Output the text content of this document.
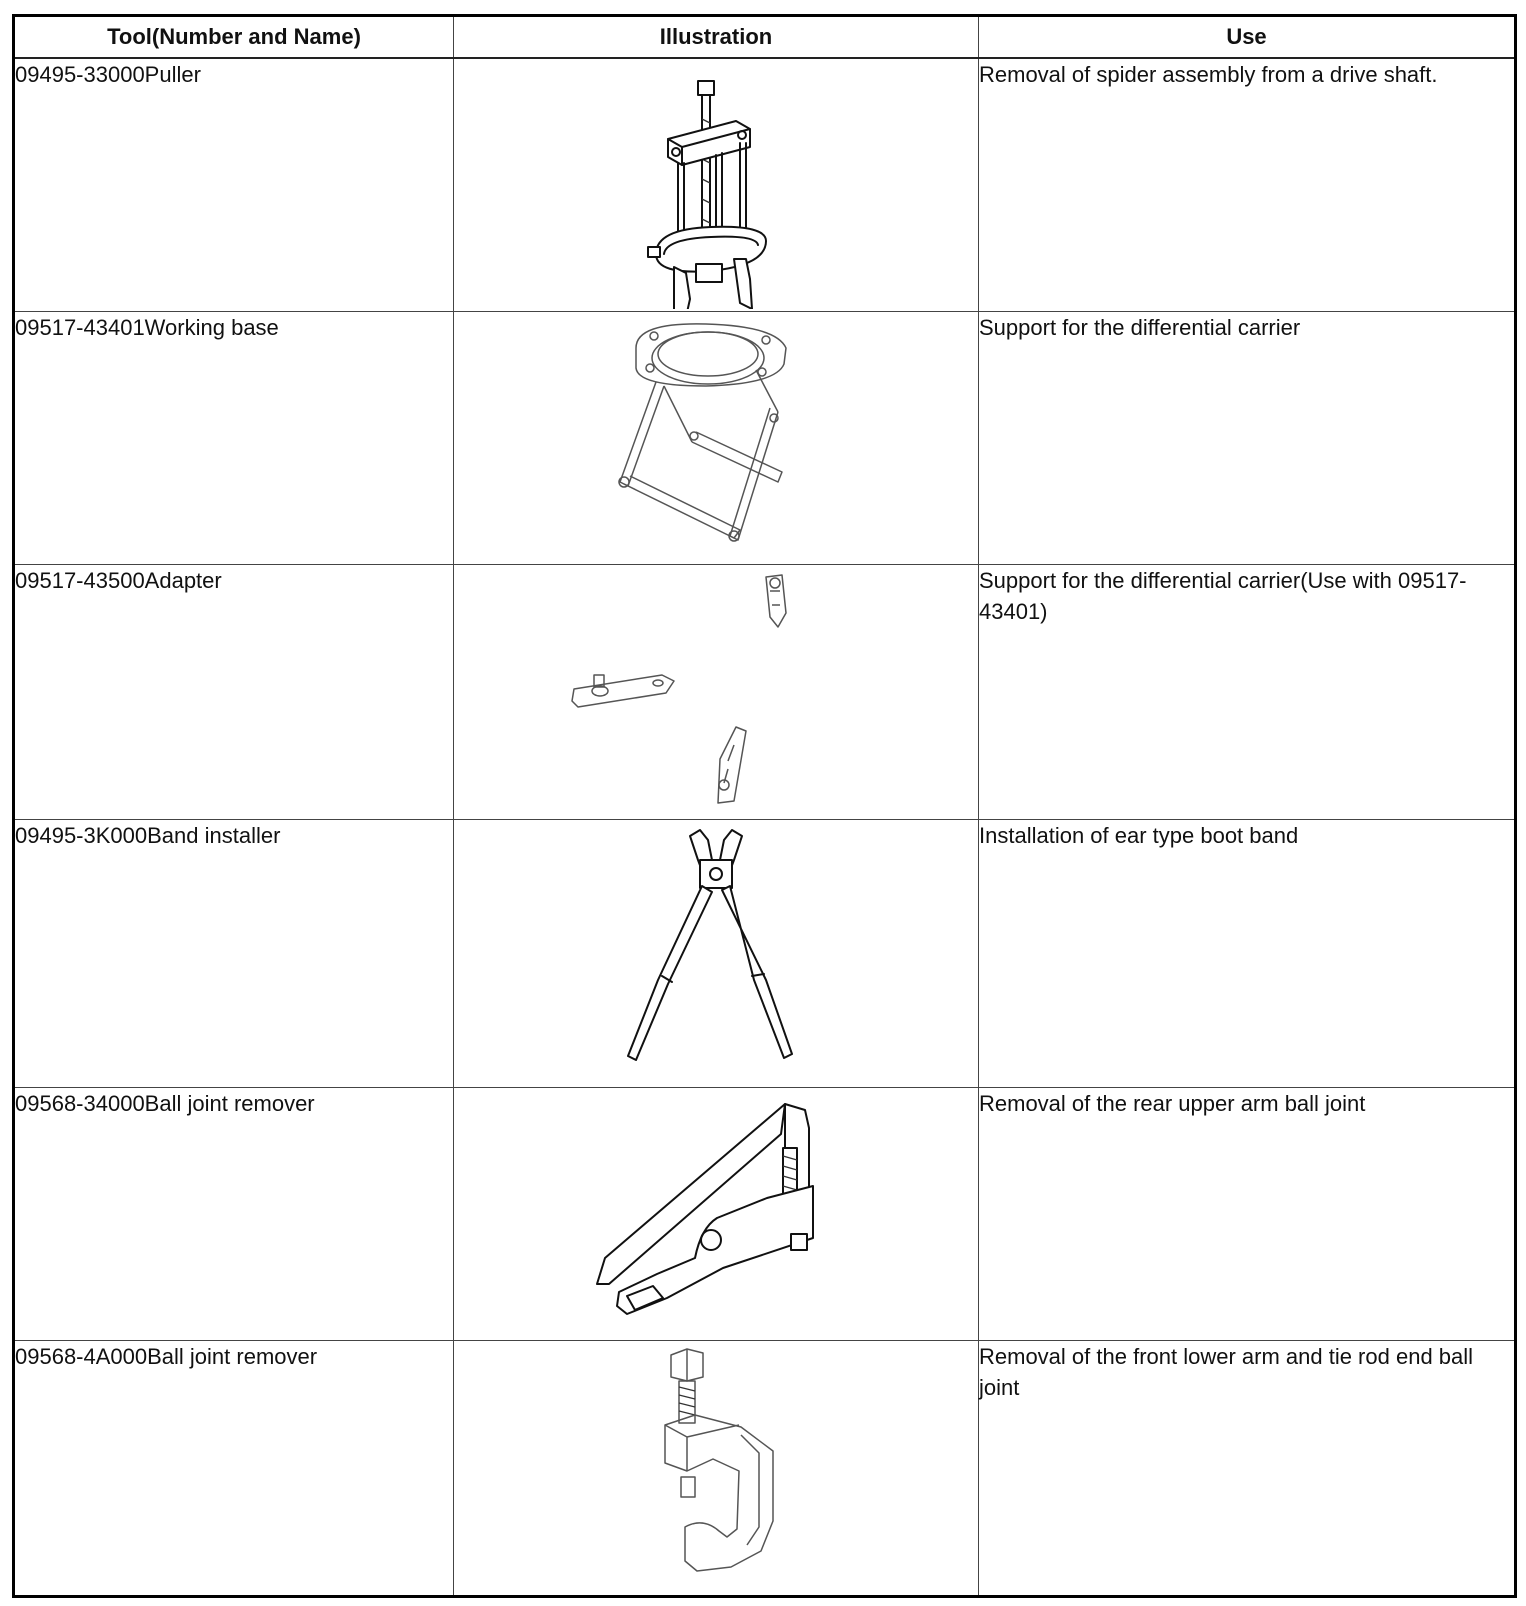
Tool(Number and Name)	Illustration	Use
09495-33000Puller		Removal of spider assembly from a drive shaft.
09517-43401Working base		Support for the differential carrier
09517-43500Adapter		Support for the differential carrier(Use with 09517-43401)
09495-3K000Band installer		Installation of ear type boot band
09568-34000Ball joint remover		Removal of the rear upper arm ball joint
09568-4A000Ball joint remover		Removal of the front lower arm and tie rod end ball joint
